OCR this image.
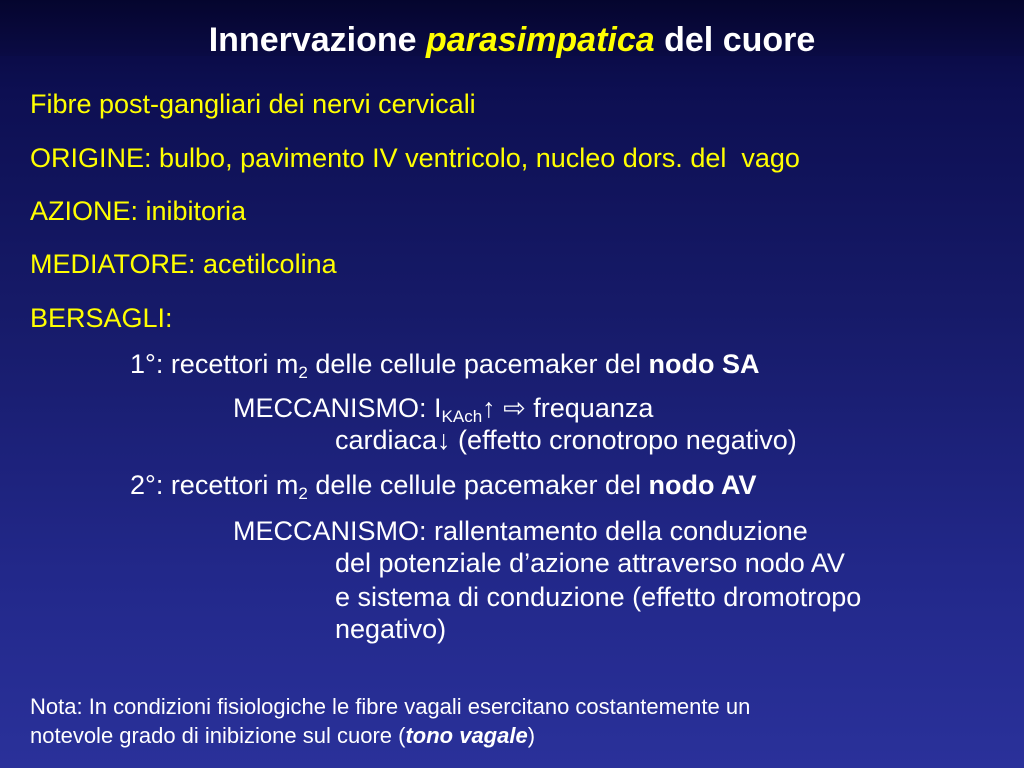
Innervazione parasimpatica del cuore
Fibre post-gangliari dei nervi cervicali
ORIGINE: bulbo, pavimento IV ventricolo, nucleo dors. del  vago
AZIONE: inibitoria
MEDIATORE: acetilcolina
BERSAGLI:
1°: recettori $m_2$ delle cellule pacemaker del nodo SA
MECCANISMO: $I_{KAch}↑$ ⇨ frequanza
cardiaca↓ (effetto cronotropo negativo)
2°: recettori $m_2$ delle cellule pacemaker del nodo AV
MECCANISMO: rallentamento della conduzione
del potenziale d’azione attraverso nodo AV
e sistema di conduzione (effetto dromotropo
negativo)
Nota: In condizioni fisiologiche le fibre vagali esercitano costantemente un
notevole grado di inibizione sul cuore (tono vagale)
